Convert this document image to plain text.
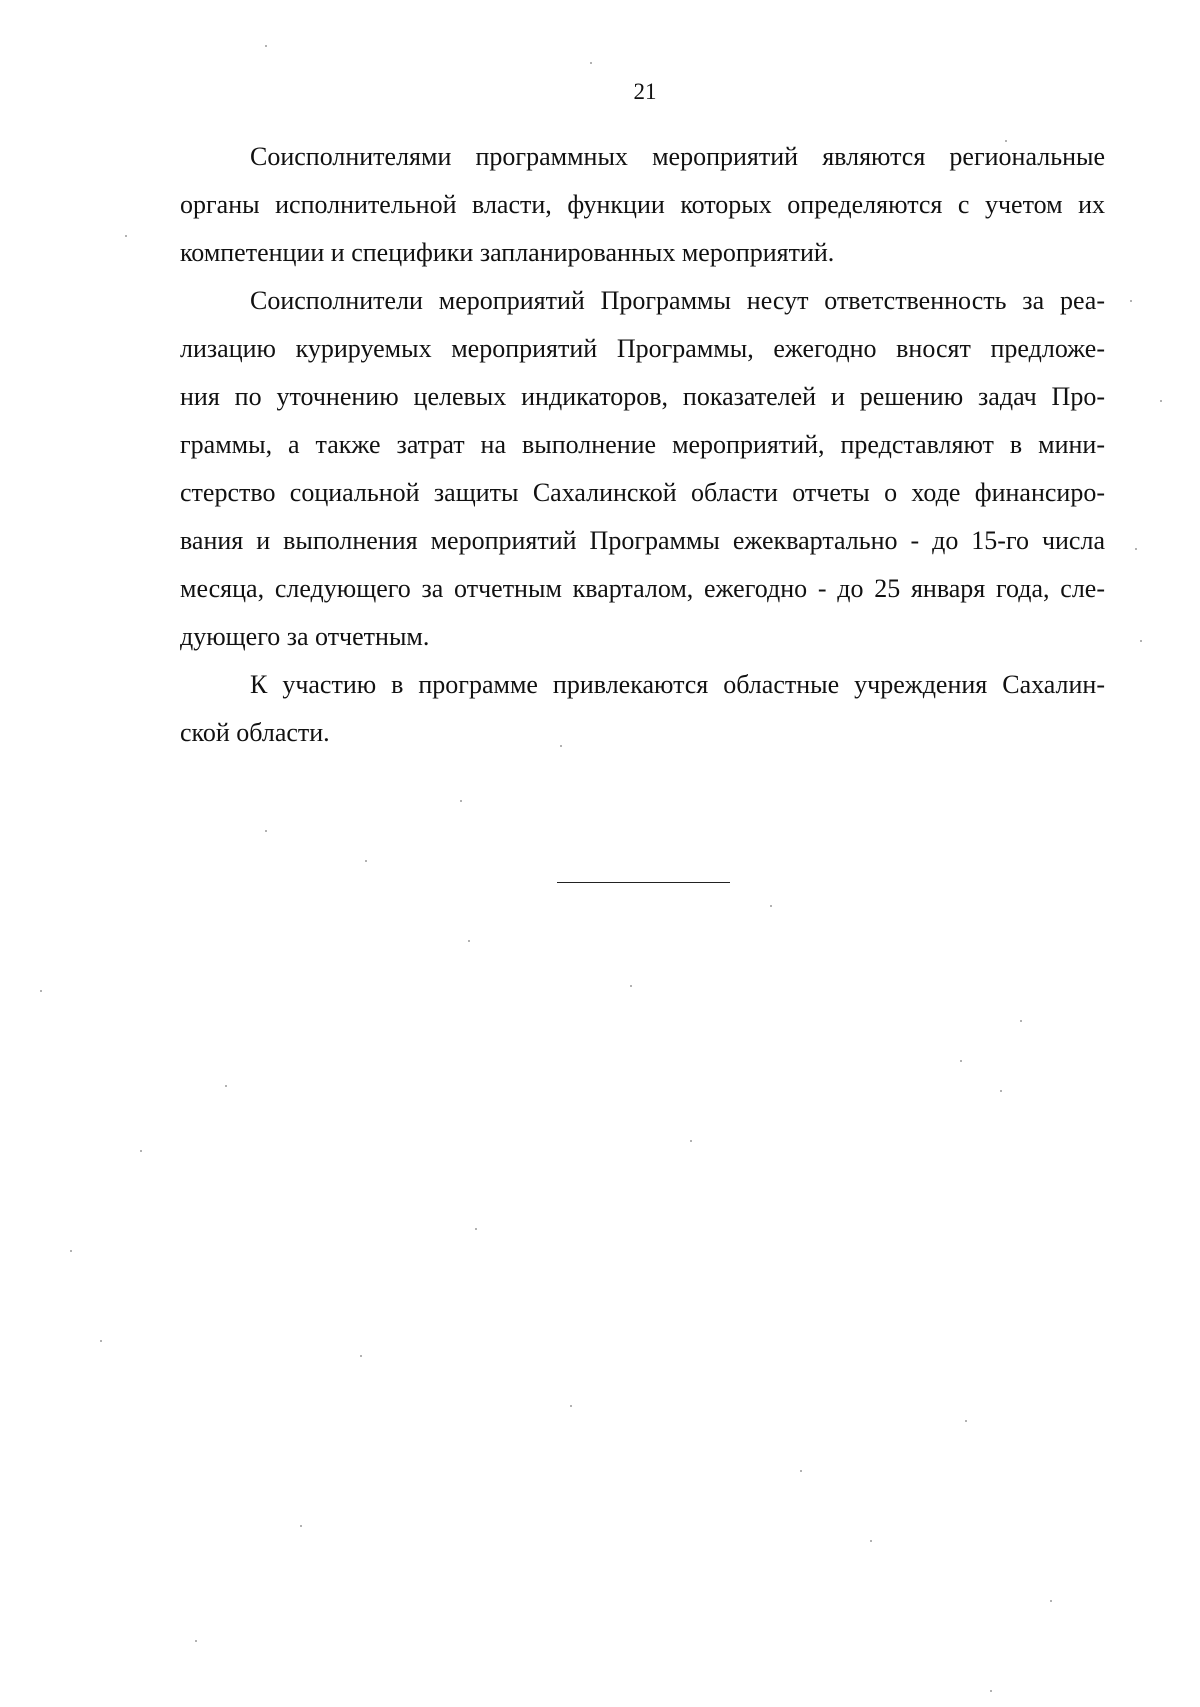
21
Соисполнителями программных мероприятий являются региональные
органы исполнительной власти, функции которых определяются с учетом их
компетенции и специфики запланированных мероприятий.
Соисполнители мероприятий Программы несут ответственность за реа-
лизацию курируемых мероприятий Программы, ежегодно вносят предложе-
ния по уточнению целевых индикаторов, показателей и решению задач Про-
граммы, а также затрат на выполнение мероприятий, представляют в мини-
стерство социальной защиты Сахалинской области отчеты о ходе финансиро-
вания и выполнения мероприятий Программы ежеквартально - до 15-го числа
месяца, следующего за отчетным кварталом, ежегодно - до 25 января года, сле-
дующего за отчетным.
К участию в программе привлекаются областные учреждения Сахалин-
ской области.
